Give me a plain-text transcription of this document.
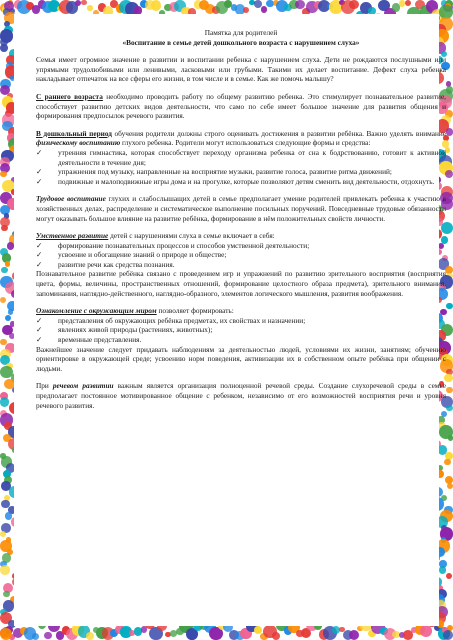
Памятка для родителей

«Воспитание в семье детей дошкольного возраста с нарушением слуха»

Семья имеет огромное значение в развитии и воспитании ребенка с нарушением слуха. Дети не рождаются послушными или упрямыми трудолюбивыми или ленивыми, ласковыми или грубыми. Такими их делает воспитание. Дефект слуха ребенка накладывает отпечаток на все сферы его жизни, в том числе и в семье. Как же помочь малышу?

С раннего возраста необходимо проводить работу по общему развитию ребенка. Это стимулирует познавательное развитие, способствует развитию детских видов деятельности, что само по себе имеет большое значение для развития общения и формирования предпосылок речевого развития.

В дошкольный период обучения родители должны строго оценивать достижения в развитии ребёнка. Важно уделять внимание физическому воспитанию глухого ребенка. Родители могут использоваться следующие формы и средства:
✓	утренняя гимнастика, которая способствует переходу организма ребенка от сна к бодрствованию, готовит к активной деятельности в течение дня;
✓	упражнения под музыку, направленные на восприятие музыки, развитие голоса, развитие ритма движений;
✓	подвижные и малоподвижные игры дома и на прогулке, которые позволяют детям сменить вид деятельности, отдохнуть.

Трудовое воспитание глухих и слабослышащих детей в семье предполагает умение родителей привлекать ребенка к участию в хозяйственных делах, распределение и систематическое выполнение посильных поручений. Повседневные трудовые обязанности могут оказывать большое влияние на развитие ребёнка, формирование в нём положительных свойств личности.

Умственное развитие детей с нарушениями слуха в семье включает в себя:
✓	формирование познавательных процессов и способов умственной деятельности;
✓	усвоение и обогащение знаний о природе и обществе;
✓	развитие речи как средства познания.
Познавательное развитие ребёнка связано с проведением игр и упражнений по развитию зрительного восприятия (восприятия цвета, формы, величины, пространственных отношений, формирование целостного образа предмета), зрительного внимания, запоминания, наглядно-действенного, наглядно-образного, элементов логического мышления, развития воображения.
Ознакомление с окружающим миром позволяет формировать:
✓	представления об окружающих ребёнка предметах, их свойствах и назначении;
✓	явлениях живой природы (растениях, животных);
✓	временные представления.
Важнейшее значение следует придавать наблюдениям за деятельностью людей, условиями их жизни, занятиям; обучению ориентировке в окружающей среде; усвоению норм поведения, активизации их в собственном опыте ребёнка при общении с людьми.

При речевом развитии важным является организация полноценной речевой среды. Создание слухоречевой среды в семье предполагает постоянное мотивированное общение с ребенком, независимо от его возможностей восприятия речи и уровня речевого развития.
